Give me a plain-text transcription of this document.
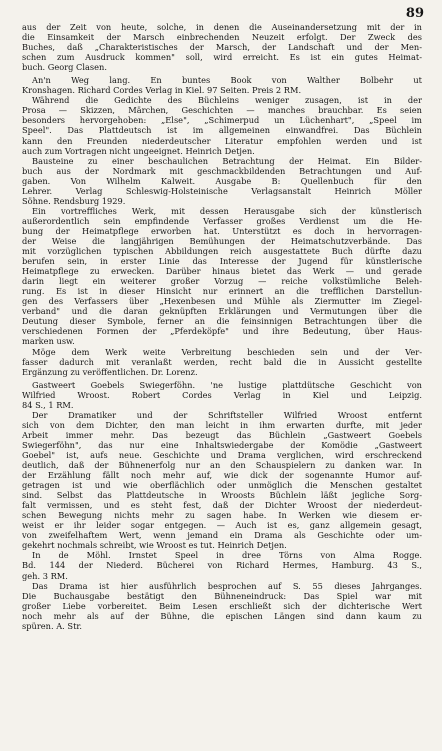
89
aus der Zeit von heute, solche, in denen die Auseinandersetzung mit der in
die Einsamkeit der Marsch einbrechenden Neuzeit erfolgt. Der Zweck des
Buches, daß „Charakteristisches der Marsch, der Landschaft und der Men-
schen zum Ausdruck kommen" soll, wird erreicht. Es ist ein gutes Heimat-
buch. Georg Clasen.
An'n Weg lang. En buntes Book von Walther Bolbehr ut
Kronshagen. Richard Cordes Verlag in Kiel. 97 Seiten. Preis 2 RM.
Während die Gedichte des Büchleins weniger zusagen, ist in der
Prosa — Skizzen, Märchen, Geschichten — manches brauchbar. Es seien
besonders hervorgehoben: „Else", „Schimerpud un Lüchenhart", „Speel im
Speel". Das Plattdeutsch ist im allgemeinen einwandfrei. Das Büchlein
kann den Freunden niederdeutscher Literatur empfohlen werden und ist
auch zum Vortragen nicht ungeeignet. Heinrich Detjen.
Bausteine zu einer beschaulichen Betrachtung der Heimat. Ein Bilder-
buch aus der Nordmark mit geschmackbildenden Betrachtungen und Auf-
gaben. Von Wilhelm Kalweit. Ausgabe B: Quellenbuch für den
Lehrer. Verlag Schleswig-Holsteinische Verlagsanstalt Heinrich Möller
Söhne. Rendsburg 1929.
Ein vortreffliches Werk, mit dessen Herausgabe sich der künstlerisch
außerordentlich sein empfindende Verfasser großes Verdienst um die He-
bung der Heimatpflege erworben hat. Unterstützt es doch in hervorragen-
der Weise die langjährigen Bemühungen der Heimatschutzverbände. Das
mit vorzüglichen typischen Abbildungen reich ausgestattete Buch dürfte dazu
berufen sein, in erster Linie das Interesse der Jugend für künstlerische
Heimatpflege zu erwecken. Darüber hinaus bietet das Werk — und gerade
darin liegt ein weiterer großer Vorzug — reiche volkstümliche Beleh-
rung. Es ist in dieser Hinsicht nur erinnert an die trefflichen Darstellun-
gen des Verfassers über „Hexenbesen und Mühle als Ziermutter im Ziegel-
verband" und die daran geknüpften Erklärungen und Vermutungen über die
Deutung dieser Symbole, ferner an die feinsinnigen Betrachtungen über die
verschiedenen Formen der „Pferdeköpfe" und ihre Bedeutung, über Haus-
marken usw.
Möge dem Werk weite Verbreitung beschieden sein und der Ver-
fasser dadurch mit veranlaßt werden, recht bald die in Aussicht gestellte
Ergänzung zu veröffentlichen. Dr. Lorenz.
Gastweert Goebels Swiegerföhn. 'ne lustige plattdütsche Geschicht von
Wilfried Wroost. Robert Cordes Verlag in Kiel und Leipzig.
84 S., 1 RM.
Der Dramatiker und der Schriftsteller Wilfried Wroost entfernt
sich von dem Dichter, den man leicht in ihm erwarten durfte, mit jeder
Arbeit immer mehr. Das bezeugt das Büchlein „Gastweert Goebels
Swiegerföhn", das nur eine Inhaltswiedergabe der Komödie „Gastweert
Goebel" ist, aufs neue. Geschichte und Drama verglichen, wird erschreckend
deutlich, daß der Bühnenerfolg nur an den Schauspielern zu danken war. In
der Erzählung fällt noch mehr auf, wie dick der sogenannte Humor auf-
getragen ist und wie oberflächlich oder unmöglich die Menschen gestaltet
sind. Selbst das Plattdeutsche in Wroosts Büchlein läßt jegliche Sorg-
falt vermissen, und es steht fest, daß der Dichter Wroost der niederdeut-
schen Bewegung nichts mehr zu sagen habe. In Werken wie diesem er-
weist er ihr leider sogar entgegen. — Auch ist es, ganz allgemein gesagt,
von zweifelhaftem Wert, wenn jemand ein Drama als Geschichte oder um-
gekehrt nochmals schreibt, wie Wroost es tut. Heinrich Detjen.
In de Möhl. Irnstet Speel in dree Törns von Alma Rogge.
Bd. 144 der Niederd. Bücherei von Richard Hermes, Hamburg. 43 S.,
geh. 3 RM.
Das Drama ist hier ausführlich besprochen auf S. 55 dieses Jahrganges.
Die Buchausgabe bestätigt den Bühneneindruck: Das Spiel war mit
großer Liebe vorbereitet. Beim Lesen erschließt sich der dichterische Wert
noch mehr als auf der Bühne, die epischen Längen sind dann kaum zu
spüren. A. Str.
